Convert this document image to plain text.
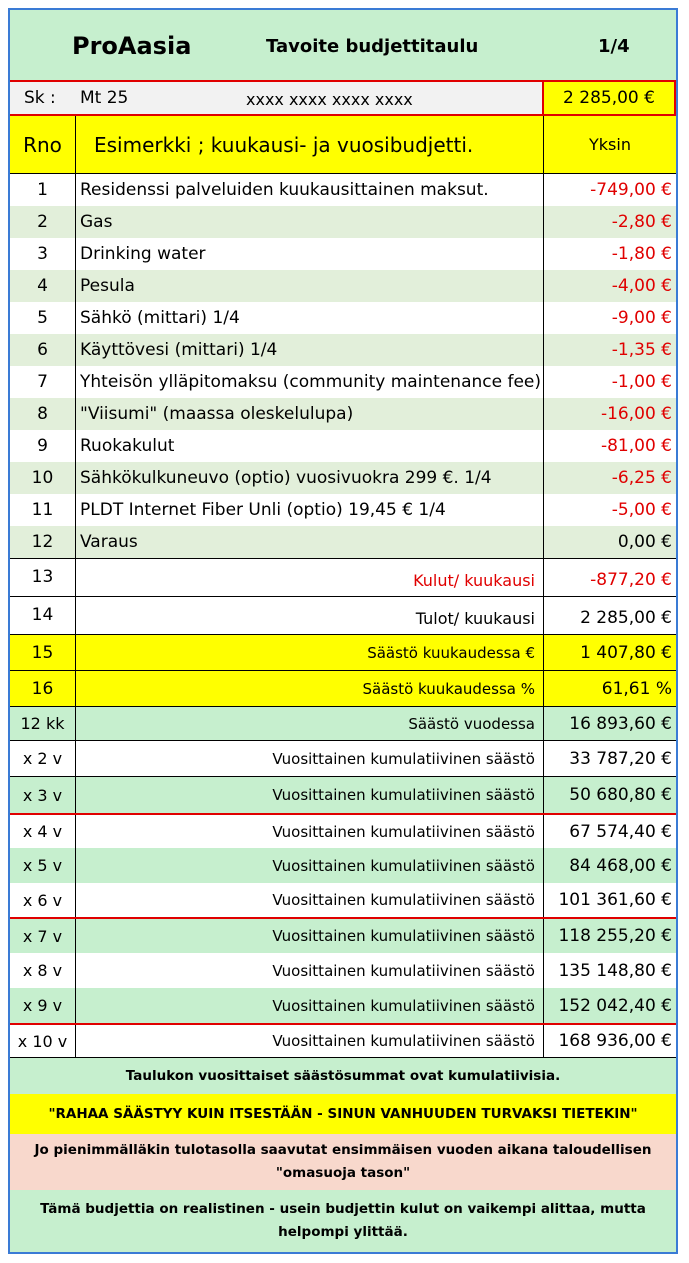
ProAasia	Tavoite budjettitaulu	1/4
Sk : Mt 25	xxxx xxxx xxxx xxxx	2 285,00 €
Rno	Esimerkki ; kuukausi- ja vuosibudjetti.	Yksin
1	Residenssi palveluiden kuukausittainen maksut.	-749,00 €
2	Gas	-2,80 €
3	Drinking water	-1,80 €
4	Pesula	-4,00 €
5	Sähkö (mittari) 1/4	-9,00 €
6	Käyttövesi (mittari) 1/4	-1,35 €
7	Yhteisön ylläpitomaksu (community maintenance fee)	-1,00 €
8	"Viisumi" (maassa oleskelulupa)	-16,00 €
9	Ruokakulut	-81,00 €
10	Sähkökulkuneuvo (optio) vuosivuokra 299 €. 1/4	-6,25 €
11	PLDT Internet Fiber Unli (optio) 19,45 € 1/4	-5,00 €
12	Varaus	0,00 €
13	Kulut/ kuukausi	-877,20 €
14	Tulot/ kuukausi	2 285,00 €
15	Säästö kuukaudessa €	1 407,80 €
16	Säästö kuukaudessa %	61,61 %
12 kk	Säästö vuodessa	16 893,60 €
x 2 v	Vuosittainen kumulatiivinen säästö	33 787,20 €
x 3 v	Vuosittainen kumulatiivinen säästö	50 680,80 €
x 4 v	Vuosittainen kumulatiivinen säästö	67 574,40 €
x 5 v	Vuosittainen kumulatiivinen säästö	84 468,00 €
x 6 v	Vuosittainen kumulatiivinen säästö	101 361,60 €
x 7 v	Vuosittainen kumulatiivinen säästö	118 255,20 €
x 8 v	Vuosittainen kumulatiivinen säästö	135 148,80 €
x 9 v	Vuosittainen kumulatiivinen säästö	152 042,40 €
x 10 v	Vuosittainen kumulatiivinen säästö	168 936,00 €
Taulukon vuosittaiset säästösummat ovat kumulatiivisia.
"RAHAA SÄÄSTYY KUIN ITSESTÄÄN - SINUN VANHUUDEN TURVAKSI TIETEKIN"
Jo pienimmälläkin tulotasolla saavutat ensimmäisen vuoden aikana taloudellisen "omasuoja tason"
Tämä budjettia on realistinen - usein budjettin kulut on vaikempi alittaa, mutta helpompi ylittää.
